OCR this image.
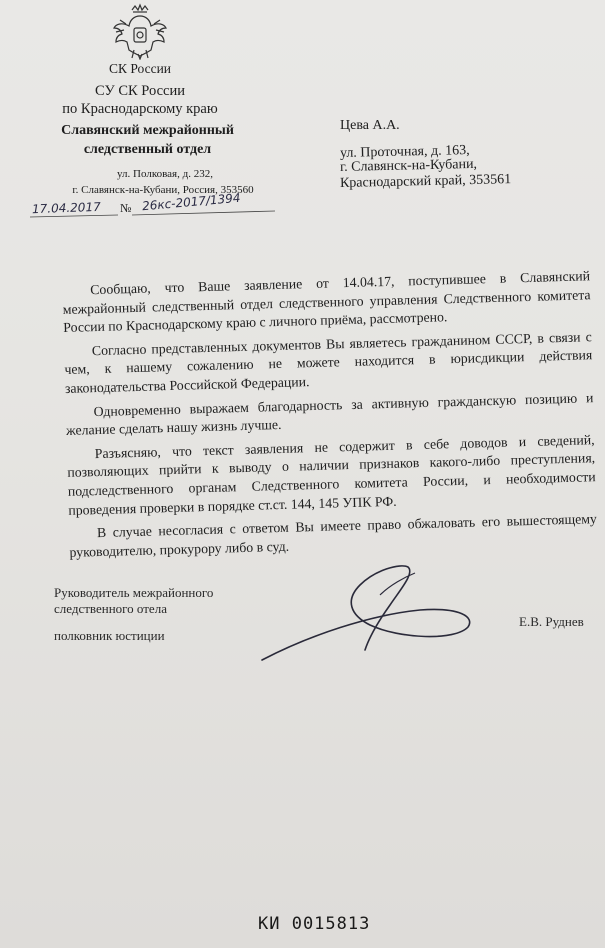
СК России
СУ СК России
по Краснодарскому краю
Славянский межрайонный
следственный отдел
ул. Полковая, д. 232,
г. Славянск-на-Кубани, Россия, 353560
17.04.2017 № 26кс-2017/1394
Цева А.А.
ул. Проточная, д. 163,
г. Славянск-на-Кубани,
Краснодарский край, 353561

Сообщаю, что Ваше заявление от 14.04.17, поступившее в Славянский межрайонный следственный отдел следственного управления Следственного комитета России по Краснодарскому краю с личного приёма, рассмотрено.

Согласно представленных документов Вы являетесь гражданином СССР, в связи с чем, к нашему сожалению не можете находится в юрисдикции действия законодательства Российской Федерации.

Одновременно выражаем благодарность за активную гражданскую позицию и желание сделать нашу жизнь лучше.

Разъясняю, что текст заявления не содержит в себе доводов и сведений, позволяющих прийти к выводу о наличии признаков какого-либо преступления, подследственного органам Следственного комитета России, и необходимости проведения проверки в порядке ст.ст. 144, 145 УПК РФ.

В случае несогласия с ответом Вы имеете право обжаловать его вышестоящему руководителю, прокурору либо в суд.

Руководитель межрайонного
следственного отела
полковник юстиции
Е.В. Руднев
КИ 0015813
